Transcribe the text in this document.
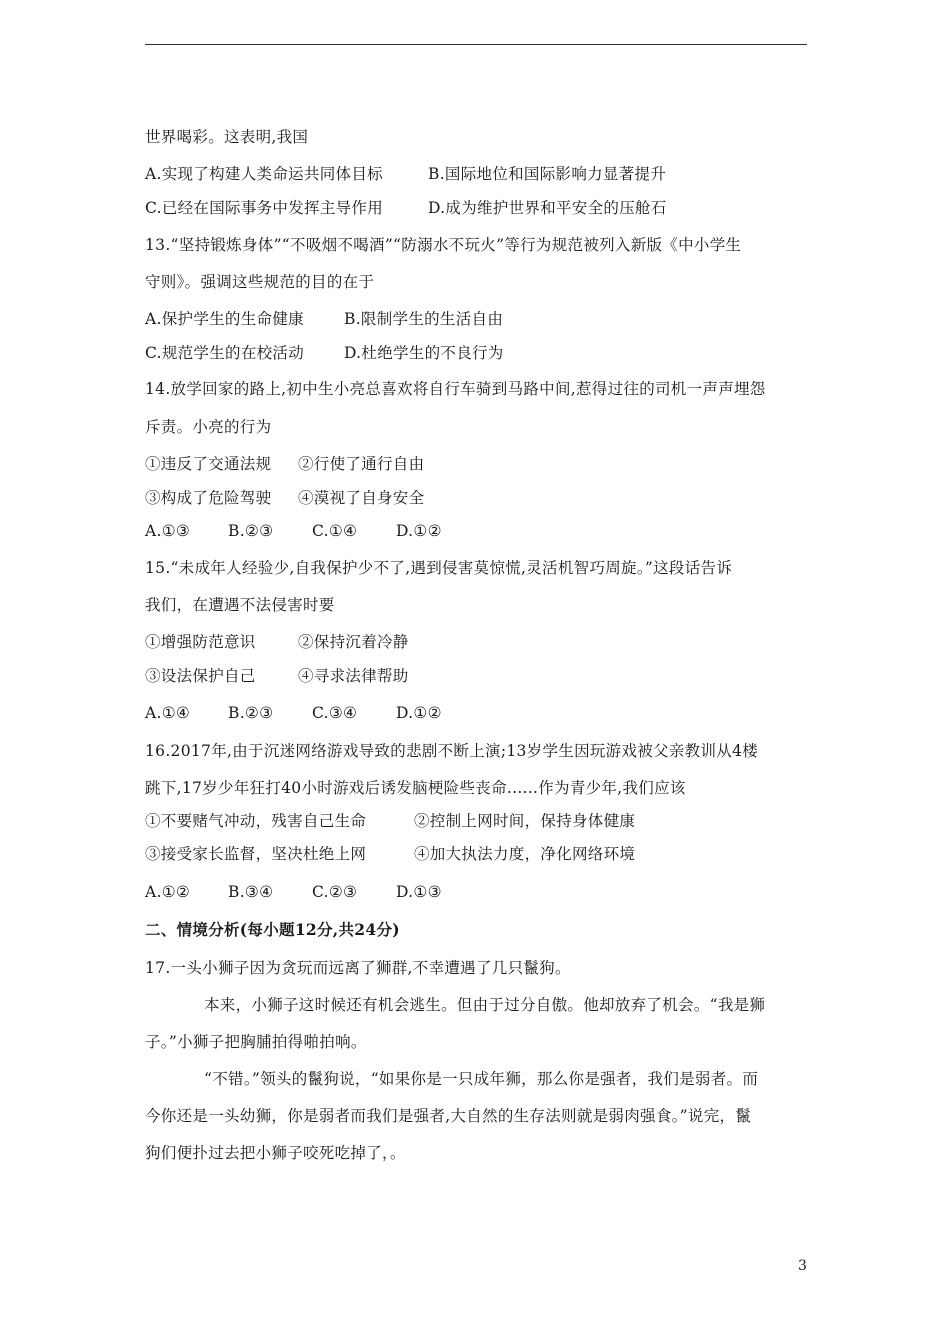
世界喝彩。这表明,我国
A.实现了构建人类命运共同体目标	B.国际地位和国际影响力显著提升
C.已经在国际事务中发挥主导作用	D.成为维护世界和平安全的压舱石
13.“坚持锻炼身体”“不吸烟不喝酒”“防溺水不玩火”等行为规范被列入新版《中小学生
守则》。强调这些规范的目的在于
A.保护学生的生命健康	B.限制学生的生活自由
C.规范学生的在校活动	D.杜绝学生的不良行为
14.放学回家的路上,初中生小亮总喜欢将自行车骑到马路中间,惹得过往的司机一声声埋怨
斥责。小亮的行为
①违反了交通法规 ②行使了通行自由
③构成了危险驾驶 ④漠视了自身安全
A.①③ B.②③ C.①④	D.①②
15.“未成年人经验少,自我保护少不了,遇到侵害莫惊慌,灵活机智巧周旋。”这段话告诉
我们，在遭遇不法侵害时要
①增强防范意识	②保持沉着冷静
③设法保护自己	④寻求法律帮助
A.①④ B.②③ C.③④	D.①②
16.2017年,由于沉迷网络游戏导致的悲剧不断上演;13岁学生因玩游戏被父亲教训从4楼
跳下,17岁少年狂打40小时游戏后诱发脑梗险些丧命......作为青少年,我们应该
①不要赌气冲动，残害自己生命	②控制上网时间，保持身体健康
③接受家长监督，坚决杜绝上网	④加大执法力度，净化网络环境
A.①② B.③④ C.②③	D.①③
二、情境分析(每小题12分,共24分)
17.一头小狮子因为贪玩而远离了狮群,不幸遭遇了几只鬣狗。
本来，小狮子这时候还有机会逃生。但由于过分自傲。他却放弃了机会。“我是狮
子。”小狮子把胸脯拍得啪拍响。
“不错。”领头的鬣狗说，“如果你是一只成年狮，那么你是强者，我们是弱者。而
今你还是一头幼狮，你是弱者而我们是强者,大自然的生存法则就是弱肉强食。”说完，鬣
狗们便扑过去把小狮子咬死吃掉了，。
3
